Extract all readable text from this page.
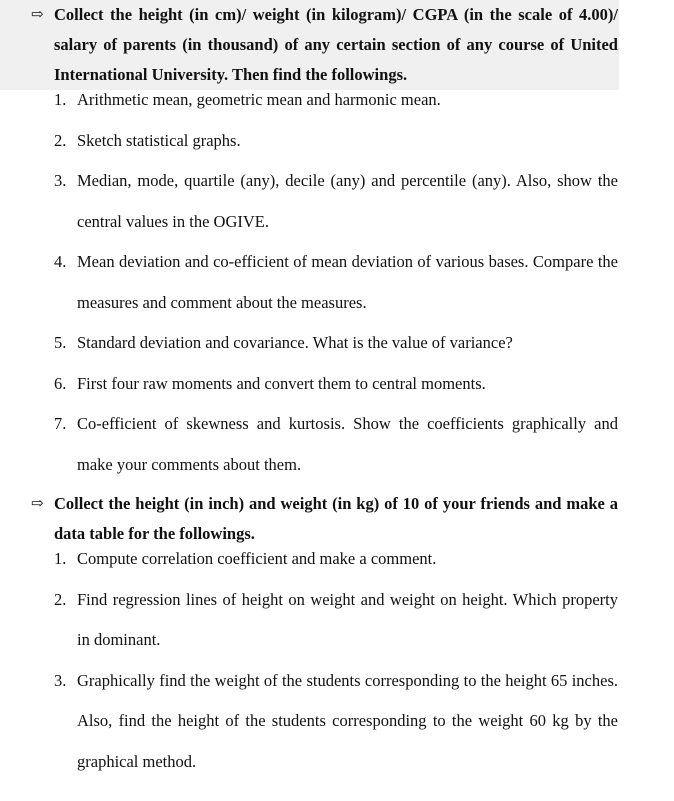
⇨ Collect the height (in cm)/ weight (in kilogram)/ CGPA (in the scale of 4.00)/ salary of parents (in thousand) of any certain section of any course of United International University. Then find the followings.
1. Arithmetic mean, geometric mean and harmonic mean.
2. Sketch statistical graphs.
3. Median, mode, quartile (any), decile (any) and percentile (any). Also, show the central values in the OGIVE.
4. Mean deviation and co-efficient of mean deviation of various bases. Compare the measures and comment about the measures.
5. Standard deviation and covariance. What is the value of variance?
6. First four raw moments and convert them to central moments.
7. Co-efficient of skewness and kurtosis. Show the coefficients graphically and make your comments about them.
⇨ Collect the height (in inch) and weight (in kg) of 10 of your friends and make a data table for the followings.
1. Compute correlation coefficient and make a comment.
2. Find regression lines of height on weight and weight on height. Which property in dominant.
3. Graphically find the weight of the students corresponding to the height 65 inches. Also, find the height of the students corresponding to the weight 60 kg by the graphical method.
